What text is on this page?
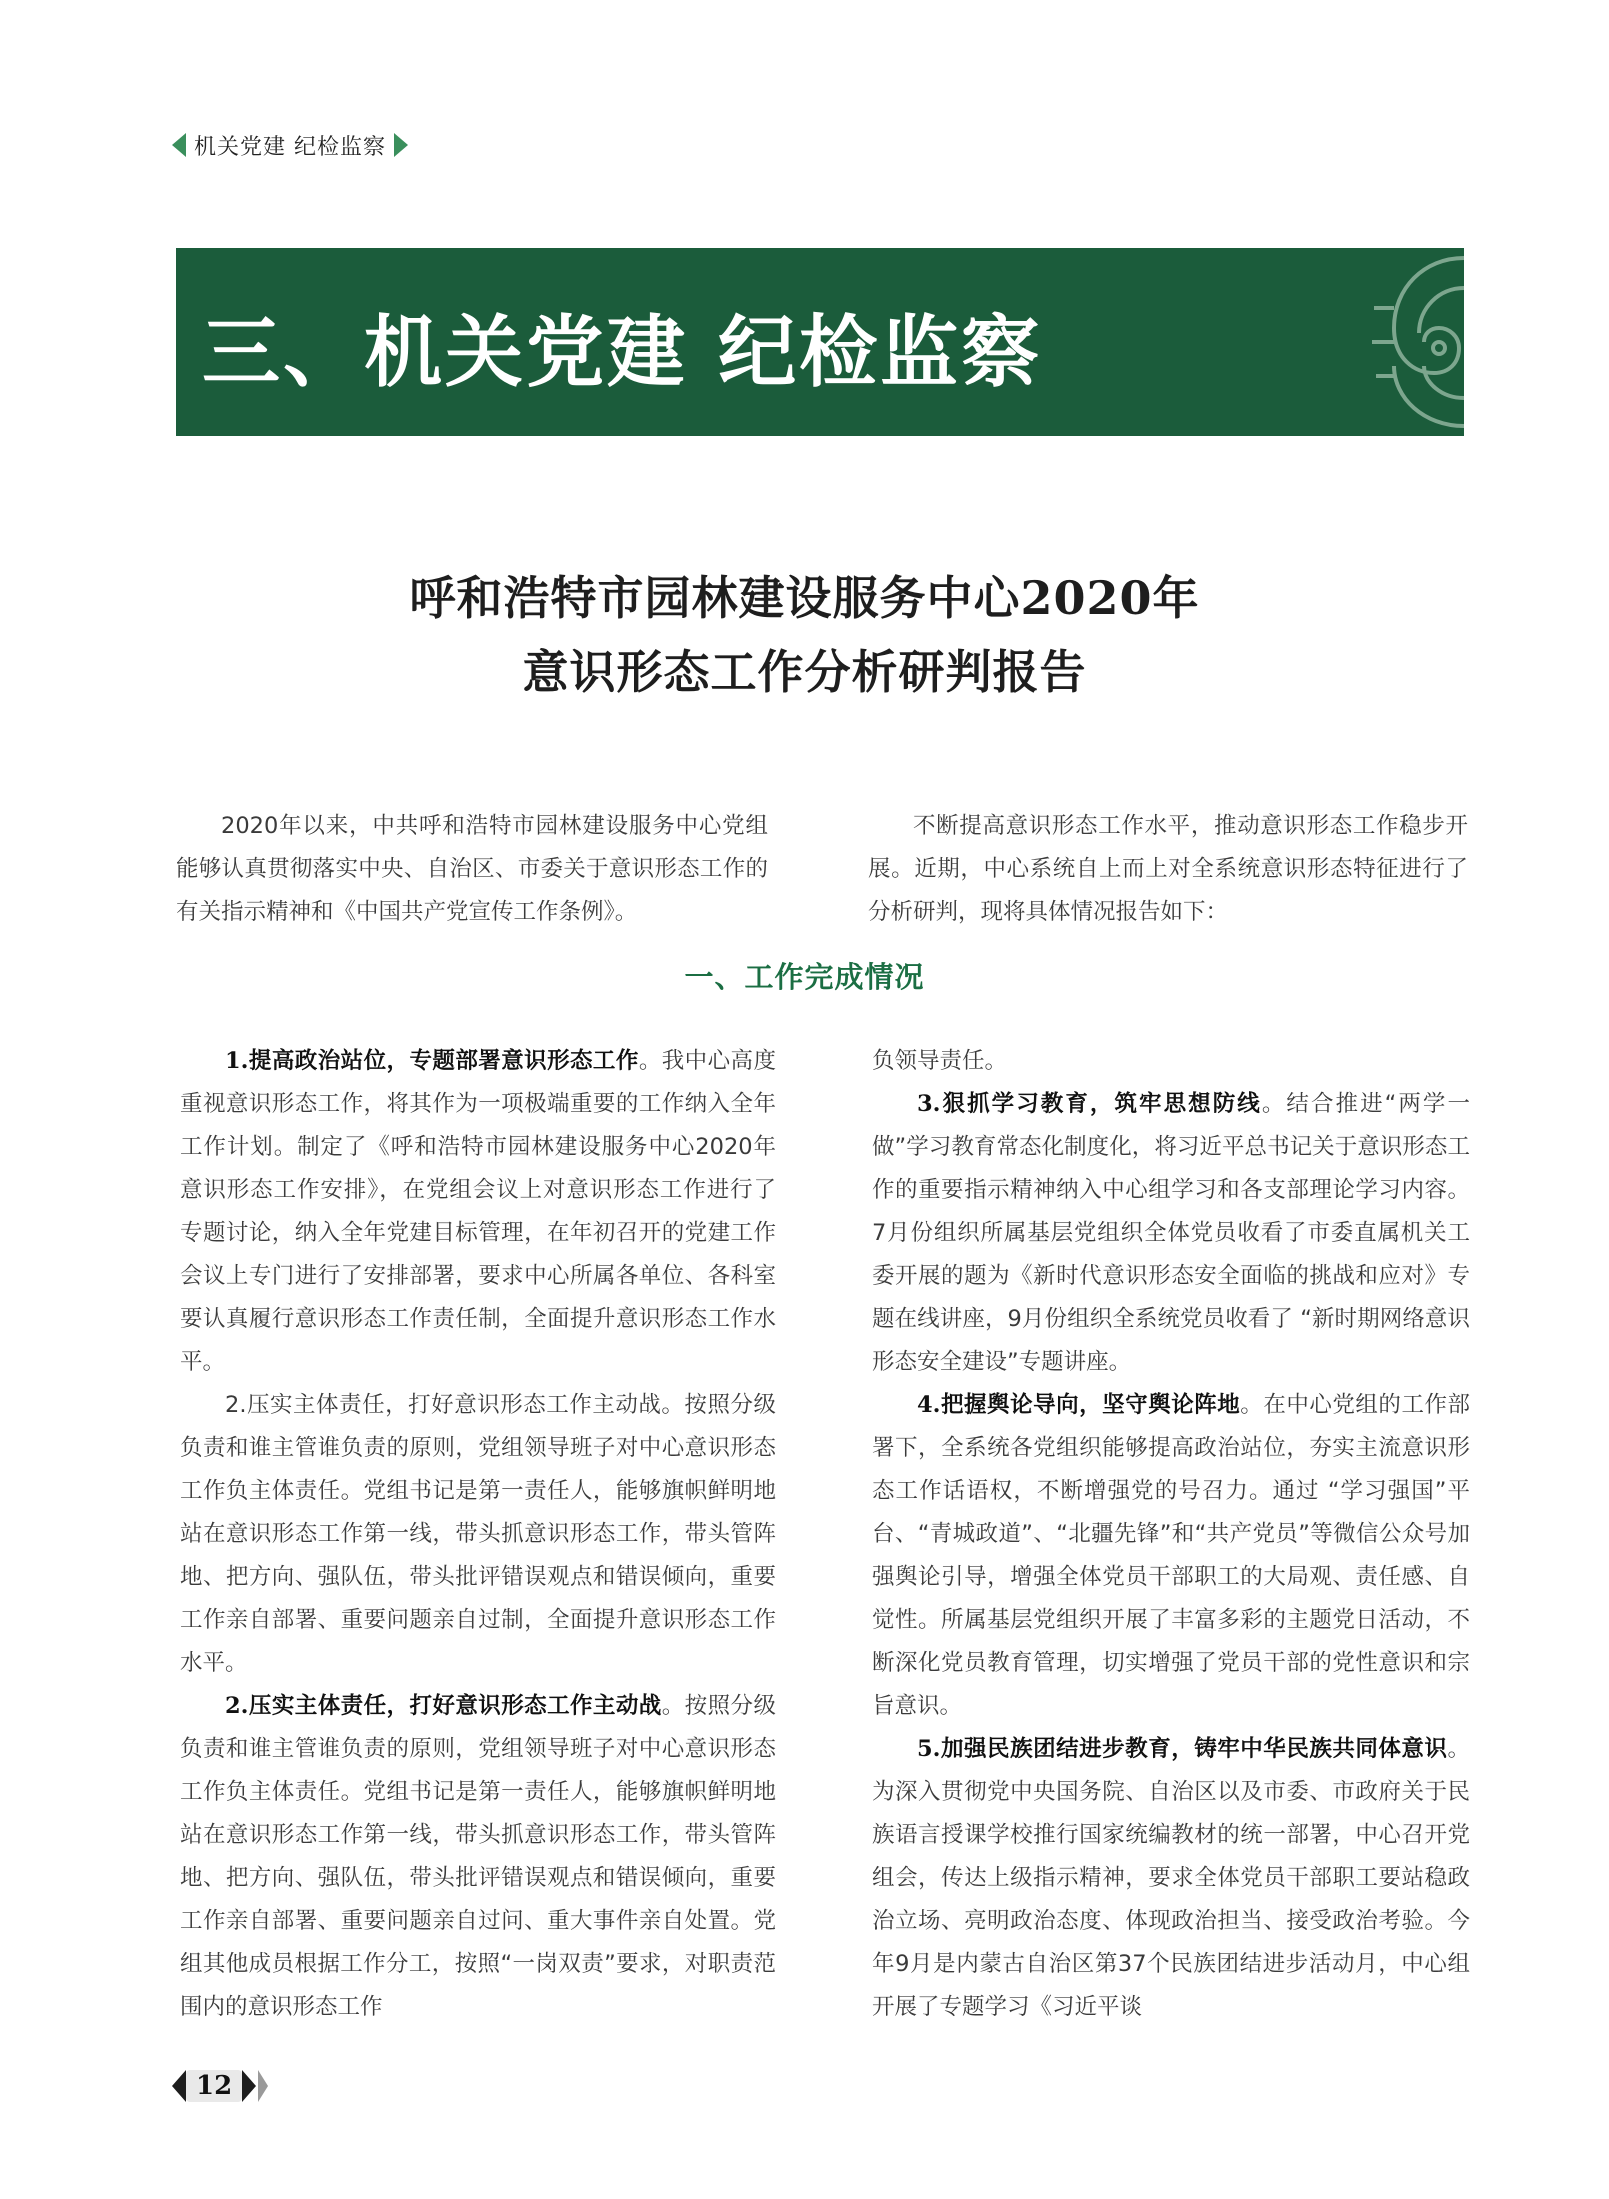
机关党建 纪检监察
三、机关党建 纪检监察
呼和浩特市园林建设服务中心2020年
意识形态工作分析研判报告

2020年以来，中共呼和浩特市园林建设服务中心党组能够认真贯彻落实中央、自治区、市委关于意识形态工作的有关指示精神和《中国共产党宣传工作条例》。

不断提高意识形态工作水平，推动意识形态工作稳步开展。近期，中心系统自上而上对全系统意识形态特征进行了分析研判，现将具体情况报告如下：

一、工作完成情况

1.提高政治站位，专题部署意识形态工作。我中心高度重视意识形态工作，将其作为一项极端重要的工作纳入全年工作计划。制定了《呼和浩特市园林建设服务中心2020年意识形态工作安排》，在党组会议上对意识形态工作进行了专题讨论，纳入全年党建目标管理，在年初召开的党建工作会议上专门进行了安排部署，要求中心所属各单位、各科室要认真履行意识形态工作责任制，全面提升意识形态工作水平。

2.压实主体责任，打好意识形态工作主动战。按照分级负责和谁主管谁负责的原则，党组领导班子对中心意识形态工作负主体责任。党组书记是第一责任人，能够旗帜鲜明地站在意识形态工作第一线，带头抓意识形态工作，带头管阵地、把方向、强队伍，带头批评错误观点和错误倾向，重要工作亲自部署、重要问题亲自过制，全面提升意识形态工作水平。

2.压实主体责任，打好意识形态工作主动战。按照分级负责和谁主管谁负责的原则，党组领导班子对中心意识形态工作负主体责任。党组书记是第一责任人，能够旗帜鲜明地站在意识形态工作第一线，带头抓意识形态工作，带头管阵地、把方向、强队伍，带头批评错误观点和错误倾向，重要工作亲自部署、重要问题亲自过问、重大事件亲自处置。党组其他成员根据工作分工，按照“一岗双责”要求，对职责范围内的意识形态工作

负领导责任。

3.狠抓学习教育，筑牢思想防线。结合推进“两学一做”学习教育常态化制度化，将习近平总书记关于意识形态工作的重要指示精神纳入中心组学习和各支部理论学习内容。7月份组织所属基层党组织全体党员收看了市委直属机关工委开展的题为《新时代意识形态安全面临的挑战和应对》专题在线讲座，9月份组织全系统党员收看了 “新时期网络意识形态安全建设”专题讲座。

4.把握舆论导向，坚守舆论阵地。在中心党组的工作部署下，全系统各党组织能够提高政治站位，夯实主流意识形态工作话语权，不断增强党的号召力。通过 “学习强国”平台、“青城政道”、“北疆先锋”和“共产党员”等微信公众号加强舆论引导，增强全体党员干部职工的大局观、责任感、自觉性。所属基层党组织开展了丰富多彩的主题党日活动，不断深化党员教育管理，切实增强了党员干部的党性意识和宗旨意识。

5.加强民族团结进步教育，铸牢中华民族共同体意识。为深入贯彻党中央国务院、自治区以及市委、市政府关于民族语言授课学校推行国家统编教材的统一部署，中心召开党组会，传达上级指示精神，要求全体党员干部职工要站稳政治立场、亮明政治态度、体现政治担当、接受政治考验。今年9月是内蒙古自治区第37个民族团结进步活动月，中心组开展了专题学习《习近平谈

12
